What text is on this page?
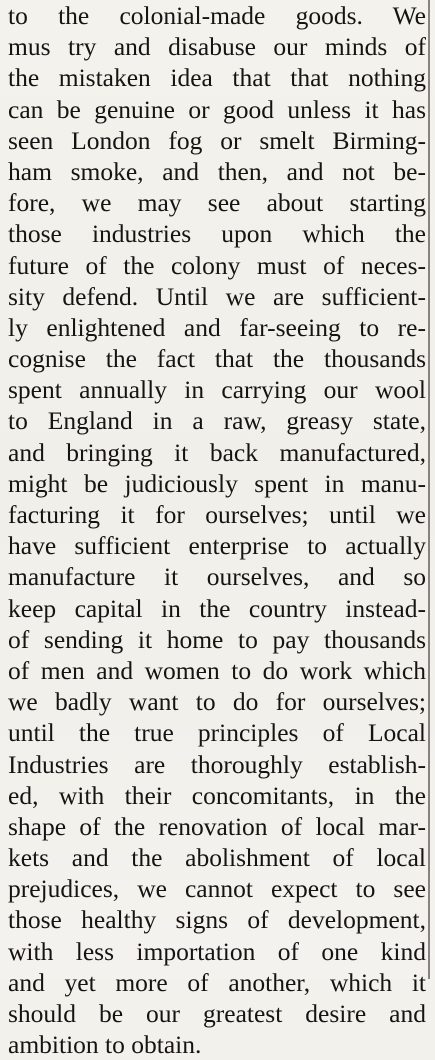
to the colonial-made goods. We
mus try and disabuse our minds of
the mistaken idea that that nothing
can be genuine or good unless it has
seen London fog or smelt Birming-
ham smoke, and then, and not be-
fore, we may see about starting
those industries upon which the
future of the colony must of neces-
sity defend. Until we are sufficient-
ly enlightened and far-seeing to re-
cognise the fact that the thousands
spent annually in carrying our wool
to England in a raw, greasy state,
and bringing it back manufactured,
might be judiciously spent in manu-
facturing it for ourselves; until we
have sufficient enterprise to actually
manufacture it ourselves, and so
keep capital in the country instead-
of sending it home to pay thousands
of men and women to do work which
we badly want to do for ourselves;
until the true principles of Local
Industries are thoroughly establish-
ed, with their concomitants, in the
shape of the renovation of local mar-
kets and the abolishment of local
prejudices, we cannot expect to see
those healthy signs of development,
with less importation of one kind
and yet more of another, which it
should be our greatest desire and
ambition to obtain.
